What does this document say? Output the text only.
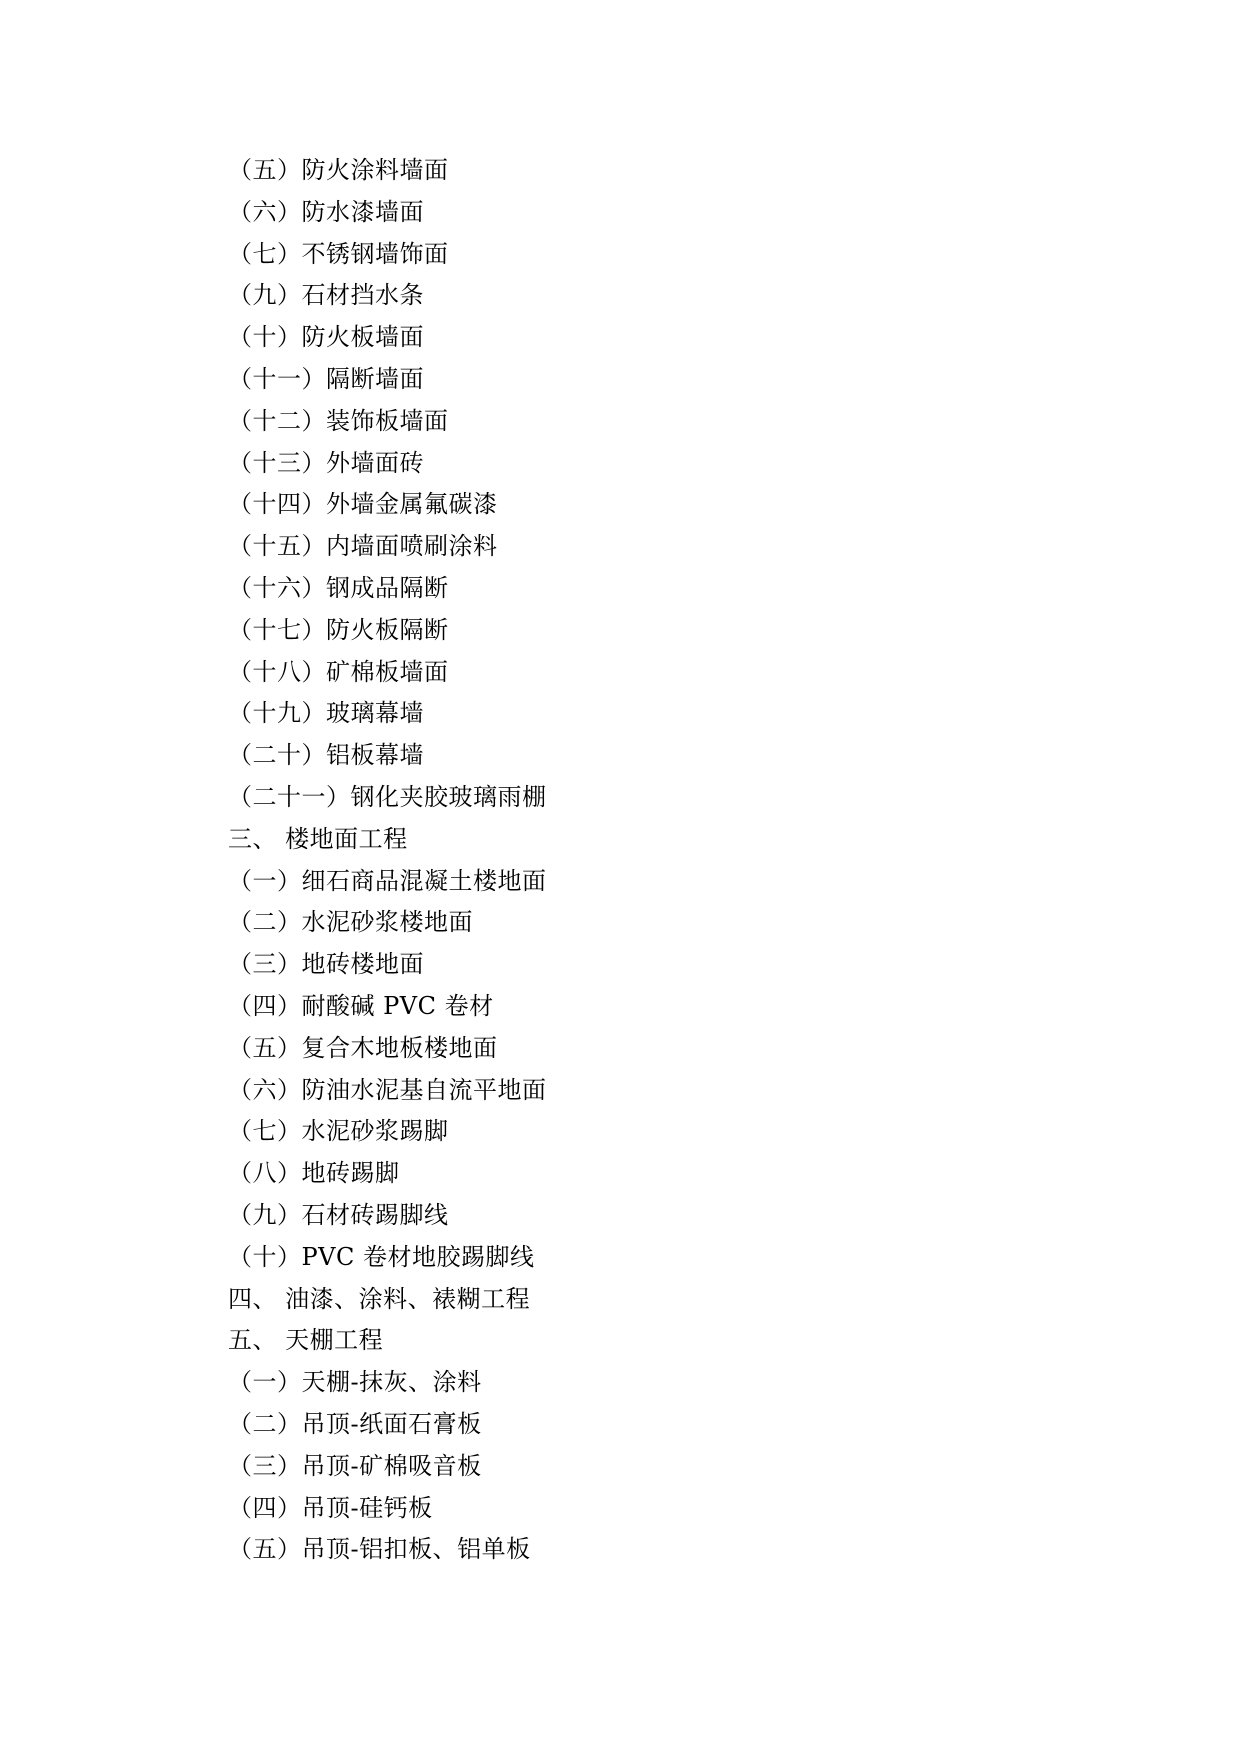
（五）防火涂料墙面
（六）防水漆墙面
（七）不锈钢墙饰面
（九）石材挡水条
（十）防火板墙面
（十一）隔断墙面
（十二）装饰板墙面
（十三）外墙面砖
（十四）外墙金属氟碳漆
（十五）内墙面喷刷涂料
（十六）钢成品隔断
（十七）防火板隔断
（十八）矿棉板墙面
（十九）玻璃幕墙
（二十）铝板幕墙
（二十一）钢化夹胶玻璃雨棚
三、 楼地面工程
（一）细石商品混凝土楼地面
（二）水泥砂浆楼地面
（三）地砖楼地面
（四）耐酸碱 PVC 卷材
（五）复合木地板楼地面
（六）防油水泥基自流平地面
（七）水泥砂浆踢脚
（八）地砖踢脚
（九）石材砖踢脚线
（十）PVC 卷材地胶踢脚线
四、 油漆、涂料、裱糊工程
五、 天棚工程
（一）天棚-抹灰、涂料
（二）吊顶-纸面石膏板
（三）吊顶-矿棉吸音板
（四）吊顶-硅钙板
（五）吊顶-铝扣板、铝单板
